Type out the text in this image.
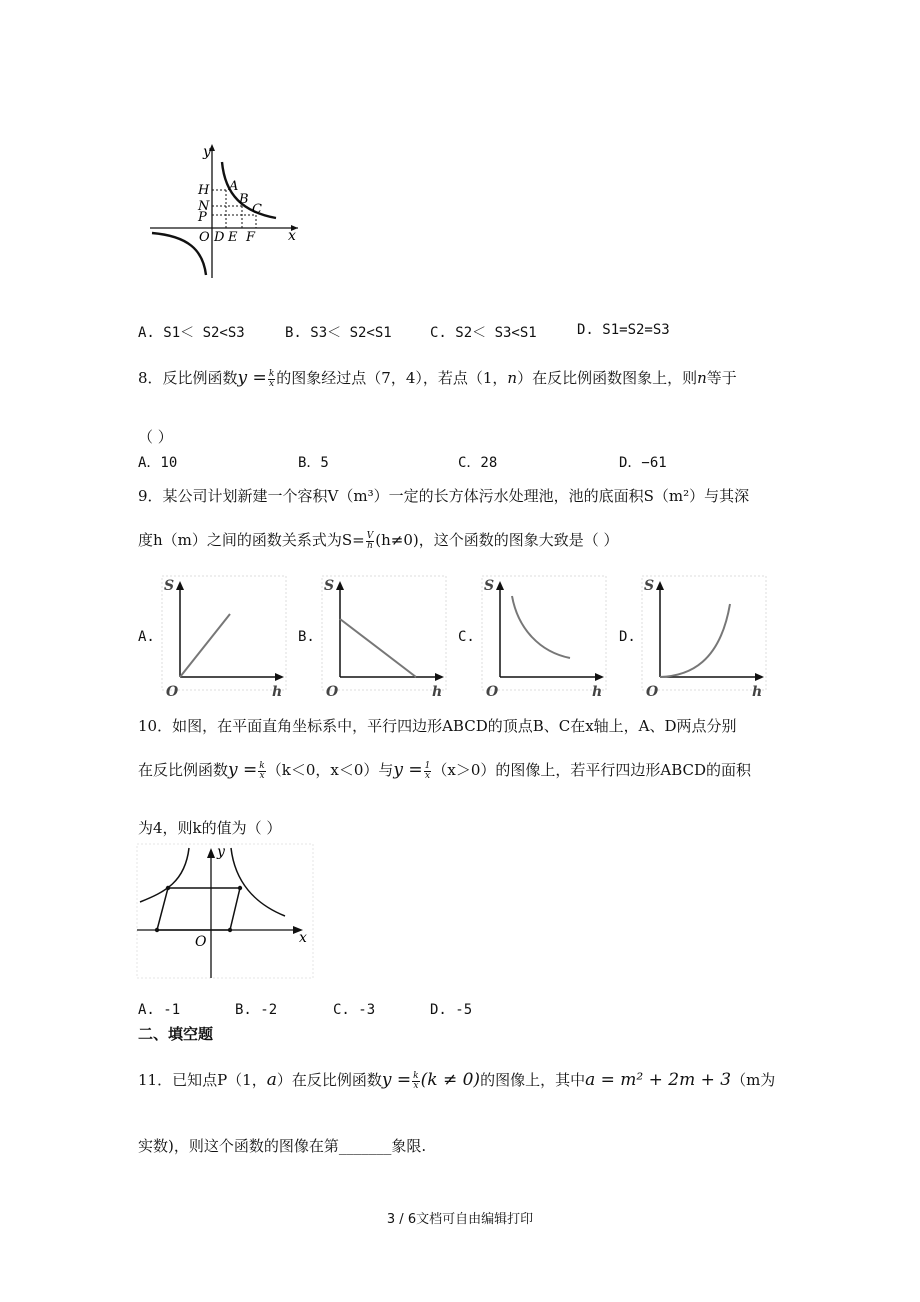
y
x
H
N
P
O D E F
A
B
C
A. S1＜ S2<S3	B. S3＜ S2<S1	C. S2＜ S3<S1	D. S1=S2=S3
8．反比例函数$y = \frac{k}{x}$ 的图象经过点（7，4），若点（1，n）在反比例函数图象上，则n等于
（ ）
A．10	B．5	C．28	D．−61
9．某公司计划新建一个容积V（m³）一定的长方体污水处理池，池的底面积S（m²）与其深
度h（m）之间的函数关系式为$S= \frac{V}{h} (h\ne 0)$，这个函数的图象大致是（ ）
A.	B.	C.	D.
S
O	h
S
O	h
S
O	h
S
O	h
10．如图，在平面直角坐标系中，平行四边形ABCD的顶点B、C在x轴上，A、D两点分别
在反比例函数$y = \frac{k}{x} (k<0$，x＜0）与$y = \frac{1}{x} (x>0)$的图像上，若平行四边形ABCD的面积
为4，则k的值为（ ）
y
x
O
A. -1	B. -2	C. -3	D. -5
二、填空题
11．已知点P（1，a）在反比例函数$y = \frac{k}{x} (k \ne 0)$的图像上，其中a = m² + 2m + 3（m为
实数)，则这个函数的图像在第_______象限.
3 / 6文档可自由编辑打印
